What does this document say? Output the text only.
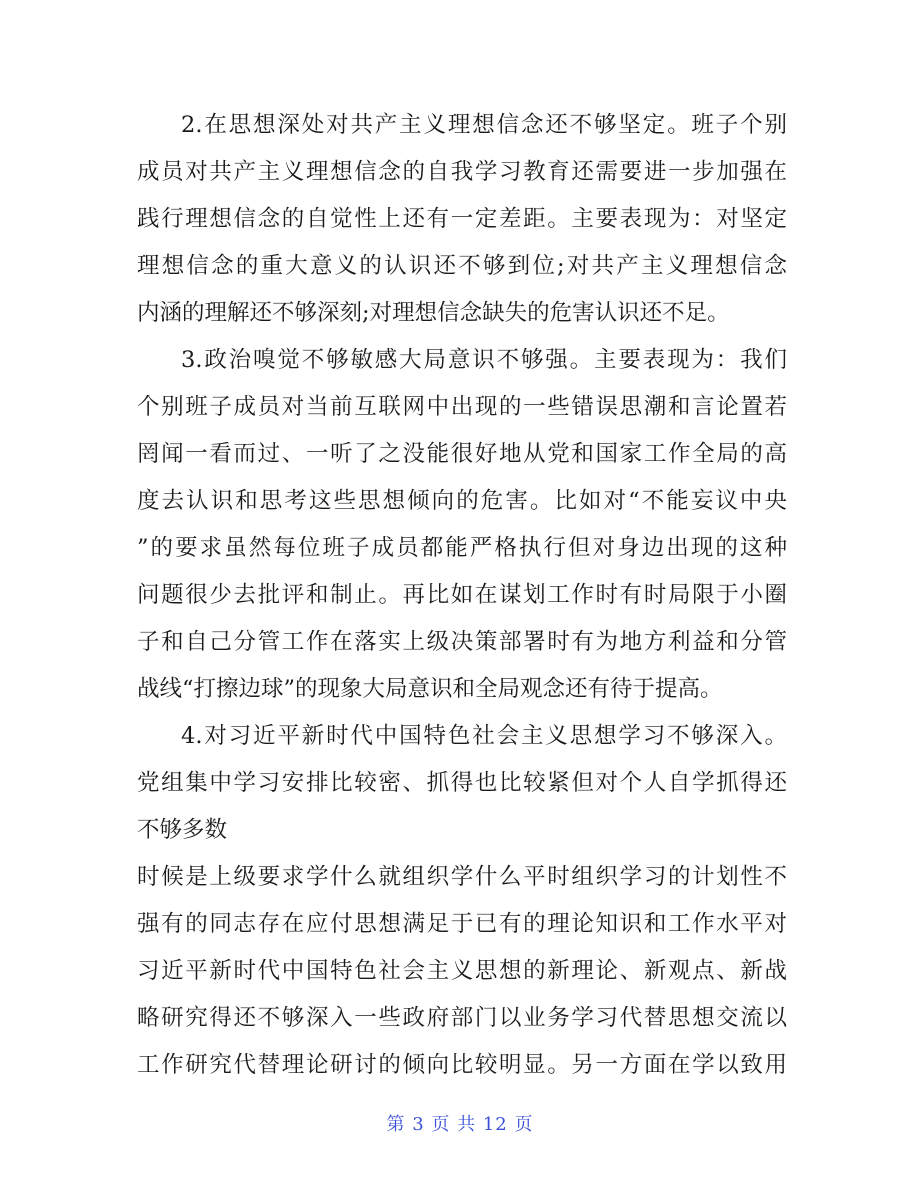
2.在思想深处对共产主义理想信念还不够坚定。班子个别
成员对共产主义理想信念的自我学习教育还需要进一步加强在
践行理想信念的自觉性上还有一定差距。主要表现为：对坚定
理想信念的重大意义的认识还不够到位;对共产主义理想信念
内涵的理解还不够深刻;对理想信念缺失的危害认识还不足。
3.政治嗅觉不够敏感大局意识不够强。主要表现为：我们
个别班子成员对当前互联网中出现的一些错误思潮和言论置若
罔闻一看而过、一听了之没能很好地从党和国家工作全局的高
度去认识和思考这些思想倾向的危害。比如对“不能妄议中央
”的要求虽然每位班子成员都能严格执行但对身边出现的这种
问题很少去批评和制止。再比如在谋划工作时有时局限于小圈
子和自己分管工作在落实上级决策部署时有为地方利益和分管
战线“打擦边球”的现象大局意识和全局观念还有待于提高。
4.对习近平新时代中国特色社会主义思想学习不够深入。
党组集中学习安排比较密、抓得也比较紧但对个人自学抓得还
不够多数
时候是上级要求学什么就组织学什么平时组织学习的计划性不
强有的同志存在应付思想满足于已有的理论知识和工作水平对
习近平新时代中国特色社会主义思想的新理论、新观点、新战
略研究得还不够深入一些政府部门以业务学习代替思想交流以
工作研究代替理论研讨的倾向比较明显。另一方面在学以致用
第 3 页 共 12 页
